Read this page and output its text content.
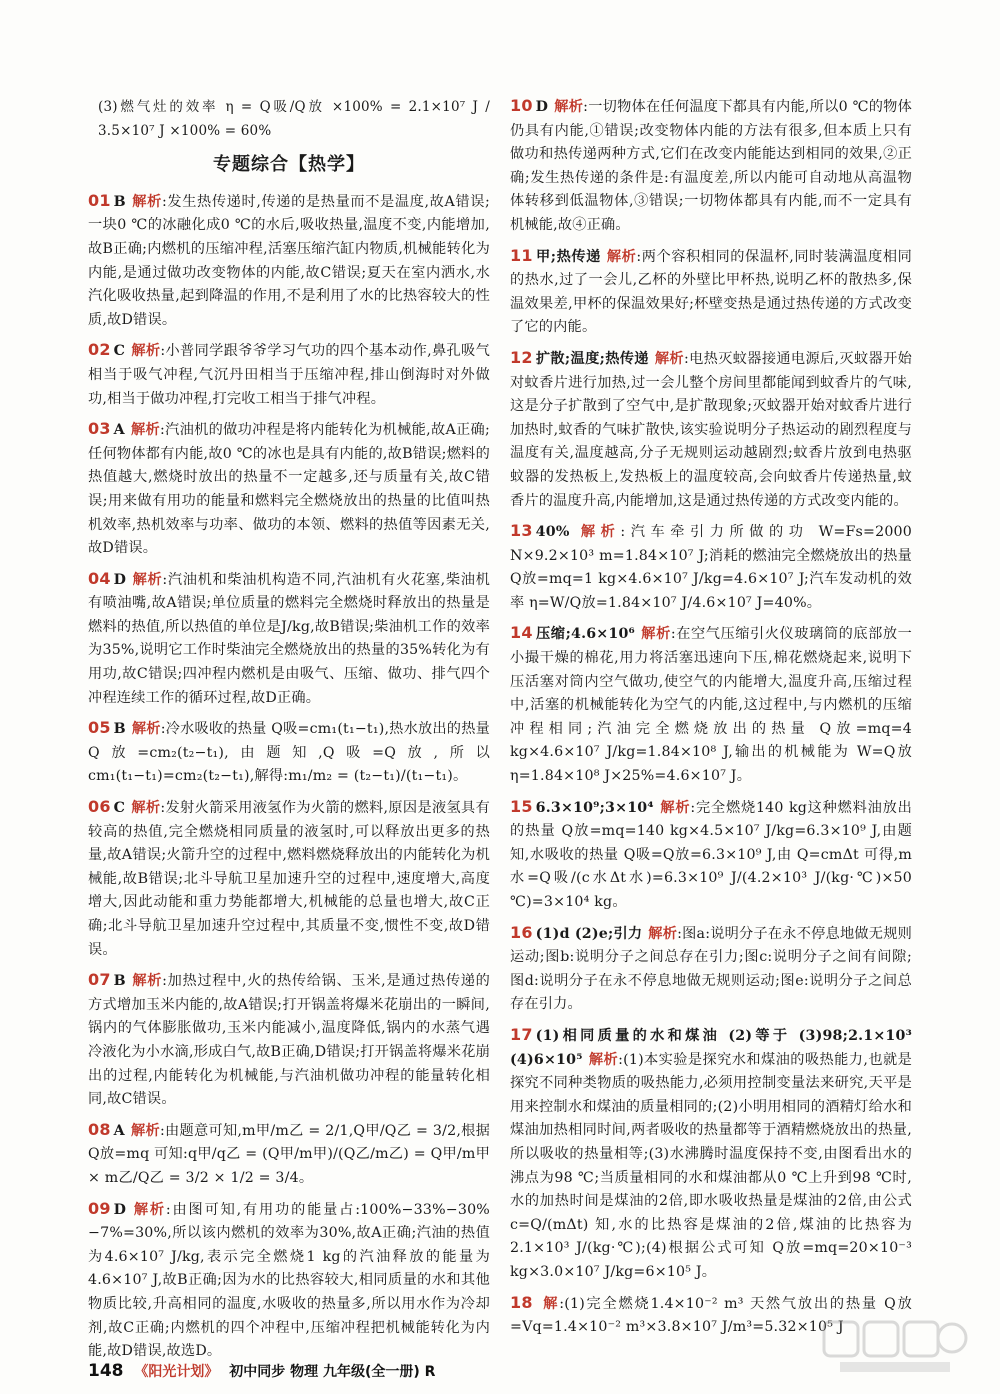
(3)燃气灶的效率 η = Q吸/Q放 ×100% = 2.1×10⁷ J / 3.5×10⁷ J ×100% = 60%
专题综合【热学】
01 B 解析:发生热传递时,传递的是热量而不是温度,故A错误;一块0 ℃的冰融化成0 ℃的水后,吸收热量,温度不变,内能增加,故B正确;内燃机的压缩冲程,活塞压缩汽缸内物质,机械能转化为内能,是通过做功改变物体的内能,故C错误;夏天在室内洒水,水汽化吸收热量,起到降温的作用,不是利用了水的比热容较大的性质,故D错误。
02 C 解析:小普同学跟爷爷学习气功的四个基本动作,鼻孔吸气相当于吸气冲程,气沉丹田相当于压缩冲程,排山倒海时对外做功,相当于做功冲程,打完收工相当于排气冲程。
03 A 解析:汽油机的做功冲程是将内能转化为机械能,故A正确;任何物体都有内能,故0 ℃的冰也是具有内能的,故B错误;燃料的热值越大,燃烧时放出的热量不一定越多,还与质量有关,故C错误;用来做有用功的能量和燃料完全燃烧放出的热量的比值叫热机效率,热机效率与功率、做功的本领、燃料的热值等因素无关,故D错误。
04 D 解析:汽油机和柴油机构造不同,汽油机有火花塞,柴油机有喷油嘴,故A错误;单位质量的燃料完全燃烧时释放出的热量是燃料的热值,所以热值的单位是J/kg,故B错误;柴油机工作的效率为35%,说明它工作时柴油完全燃烧放出的热量的35%转化为有用功,故C错误;四冲程内燃机是由吸气、压缩、做功、排气四个冲程连续工作的循环过程,故D正确。
05 B 解析:冷水吸收的热量 Q吸=cm₁(t₁−t₁),热水放出的热量 Q放=cm₂(t₂−t₁),由题知,Q吸=Q放,所以 cm₁(t₁−t₁)=cm₂(t₂−t₁),解得:m₁/m₂ = (t₂−t₁)/(t₁−t₁)。
06 C 解析:发射火箭采用液氢作为火箭的燃料,原因是液氢具有较高的热值,完全燃烧相同质量的液氢时,可以释放出更多的热量,故A错误;火箭升空的过程中,燃料燃烧释放出的内能转化为机械能,故B错误;北斗导航卫星加速升空的过程中,速度增大,高度增大,因此动能和重力势能都增大,机械能的总量也增大,故C正确;北斗导航卫星加速升空过程中,其质量不变,惯性不变,故D错误。
07 B 解析:加热过程中,火的热传给锅、玉米,是通过热传递的方式增加玉米内能的,故A错误;打开锅盖将爆米花崩出的一瞬间,锅内的气体膨胀做功,玉米内能减小,温度降低,锅内的水蒸气遇冷液化为小水滴,形成白气,故B正确,D错误;打开锅盖将爆米花崩出的过程,内能转化为机械能,与汽油机做功冲程的能量转化相同,故C错误。
08 A 解析:由题意可知,m甲/m乙 = 2/1,Q甲/Q乙 = 3/2,根据 Q放=mq 可知:q甲/q乙 = (Q甲/m甲)/(Q乙/m乙) = Q甲/m甲 × m乙/Q乙 = 3/2 × 1/2 = 3/4。
09 D 解析:由图可知,有用功的能量占:100%−33%−30%−7%=30%,所以该内燃机的效率为30%,故A正确;汽油的热值为4.6×10⁷ J/kg,表示完全燃烧1 kg的汽油释放的能量为4.6×10⁷ J,故B正确;因为水的比热容较大,相同质量的水和其他物质比较,升高相同的温度,水吸收的热量多,所以用水作为冷却剂,故C正确;内燃机的四个冲程中,压缩冲程把机械能转化为内能,故D错误,故选D。
10 D 解析:一切物体在任何温度下都具有内能,所以0 ℃的物体仍具有内能,①错误;改变物体内能的方法有很多,但本质上只有做功和热传递两种方式,它们在改变内能能达到相同的效果,②正确;发生热传递的条件是:有温度差,所以内能可自动地从高温物体转移到低温物体,③错误;一切物体都具有内能,而不一定具有机械能,故④正确。
11 甲;热传递 解析:两个容积相同的保温杯,同时装满温度相同的热水,过了一会儿,乙杯的外壁比甲杯热,说明乙杯的散热多,保温效果差,甲杯的保温效果好;杯壁变热是通过热传递的方式改变了它的内能。
12 扩散;温度;热传递 解析:电热灭蚊器接通电源后,灭蚊器开始对蚊香片进行加热,过一会儿整个房间里都能闻到蚊香片的气味,这是分子扩散到了空气中,是扩散现象;灭蚊器开始对蚊香片进行加热时,蚊香的气味扩散快,该实验说明分子热运动的剧烈程度与温度有关,温度越高,分子无规则运动越剧烈;蚊香片放到电热驱蚊器的发热板上,发热板上的温度较高,会向蚊香片传递热量,蚊香片的温度升高,内能增加,这是通过热传递的方式改变内能的。
13 40% 解析:汽车牵引力所做的功 W=Fs=2000 N×9.2×10³ m=1.84×10⁷ J;消耗的燃油完全燃烧放出的热量 Q放=mq=1 kg×4.6×10⁷ J/kg=4.6×10⁷ J;汽车发动机的效率 η=W/Q放=1.84×10⁷ J/4.6×10⁷ J=40%。
14 压缩;4.6×10⁶ 解析:在空气压缩引火仪玻璃筒的底部放一小撮干燥的棉花,用力将活塞迅速向下压,棉花燃烧起来,说明下压活塞对筒内空气做功,使空气的内能增大,温度升高,压缩过程中,活塞的机械能转化为空气的内能,这过程中,与内燃机的压缩冲程相同;汽油完全燃烧放出的热量 Q放=mq=4 kg×4.6×10⁷ J/kg=1.84×10⁸ J,输出的机械能为 W=Q放η=1.84×10⁸ J×25%=4.6×10⁷ J。
15 6.3×10⁹;3×10⁴ 解析:完全燃烧140 kg这种燃料油放出的热量 Q放=mq=140 kg×4.5×10⁷ J/kg=6.3×10⁹ J,由题知,水吸收的热量 Q吸=Q放=6.3×10⁹ J,由 Q=cmΔt 可得,m水=Q吸/(c水Δt水)=6.3×10⁹ J/(4.2×10³ J/(kg·℃)×50 ℃)=3×10⁴ kg。
16 (1)d (2)e;引力 解析:图a:说明分子在永不停息地做无规则运动;图b:说明分子之间总存在引力;图c:说明分子之间有间隙;图d:说明分子在永不停息地做无规则运动;图e:说明分子之间总存在引力。
17 (1)相同质量的水和煤油 (2)等于 (3)98;2.1×10³ (4)6×10⁵ 解析:(1)本实验是探究水和煤油的吸热能力,也就是探究不同种类物质的吸热能力,必须用控制变量法来研究,天平是用来控制水和煤油的质量相同的;(2)小明用相同的酒精灯给水和煤油加热相同时间,两者吸收的热量都等于酒精燃烧放出的热量,所以吸收的热量相等;(3)水沸腾时温度保持不变,由图看出水的沸点为98 ℃;当质量相同的水和煤油都从0 ℃上升到98 ℃时,水的加热时间是煤油的2倍,即水吸收热量是煤油的2倍,由公式 c=Q/(mΔt) 知,水的比热容是煤油的2倍,煤油的比热容为2.1×10³ J/(kg·℃);(4)根据公式可知 Q放=mq=20×10⁻³ kg×3.0×10⁷ J/kg=6×10⁵ J。
18 解:(1)完全燃烧1.4×10⁻² m³ 天然气放出的热量 Q放=Vq=1.4×10⁻² m³×3.8×10⁷ J/m³=5.32×10⁵ J
148 《阳光计划》 初中同步 物理 九年级(全一册) R
